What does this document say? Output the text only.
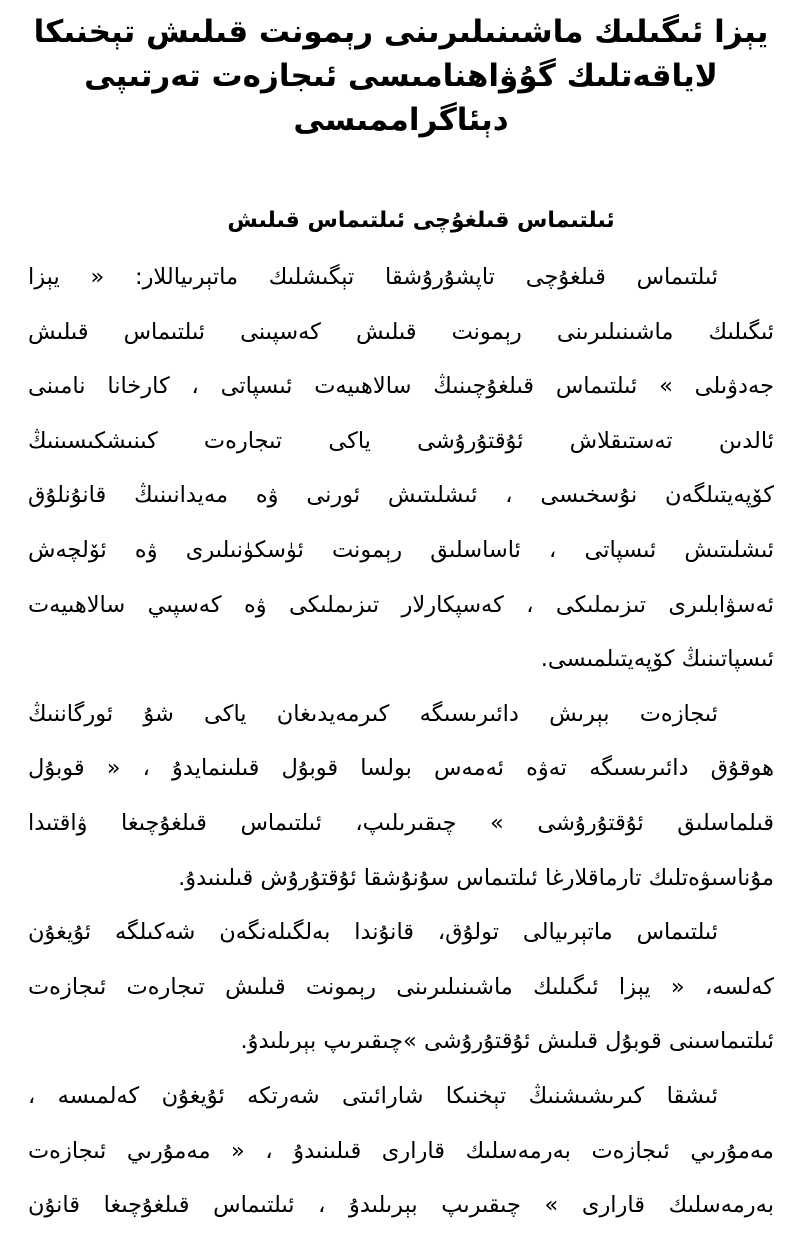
يېزا ئىگىلىك ماشىنىلىرىنى رېمونت قىلىش تېخنىكا
لاياقەتلىك گۇۋاھنامىسى ئىجازەت تەرتىپى دېئاگراممىسى
ئىلتىماس قىلغۇچى ئىلتىماس قىلىش

ئىلتىماس قىلغۇچى تاپشۇرۇشقا تېگىشلىك ماتېرىياللار: « يېزا
ئىگىلىك ماشىنىلىرىنى رېمونت قىلىش كەسپىنى ئىلتىماس قىلىش
جەدۋىلى » ئىلتىماس قىلغۇچىنىڭ سالاھىيەت ئىسپاتى ، كارخانا نامىنى
ئالدىن تەستىقلاش ئۇقتۇرۇشى ياكى تىجارەت كىنىشكىسىنىڭ
كۆپەيتىلگەن نۇسخىسى ، ئىشلىتىش ئورنى ۋە مەيدانىنىڭ قانۇنلۇق
ئىشلىتىش ئىسپاتى ، ئاساسلىق رېمونت ئۈسكۈنىلىرى ۋە ئۆلچەش
ئەسۋابلىرى تىزىملىكى ، كەسپكارلار تىزىملىكى ۋە كەسپىي سالاھىيەت
ئىسپاتىنىڭ كۆپەيتىلمىسى.

ئىجازەت بېرىش دائىرىسىگە كىرمەيدىغان ياكى شۇ ئورگاننىڭ
ھوقۇق دائىرىسىگە تەۋە ئەمەس بولسا قوبۇل قىلىنمايدۇ ، « قوبۇل
قىلماسلىق ئۇقتۇرۇشى » چىقىرىلىپ، ئىلتىماس قىلغۇچىغا ۋاقتىدا
مۇناسىۋەتلىك تارماقلارغا ئىلتىماس سۇنۇشقا ئۇقتۇرۇش قىلىنىدۇ.

ئىلتىماس ماتېرىيالى تولۇق، قانۇندا بەلگىلەنگەن شەكىلگە ئۇيغۇن
كەلسە، « يېزا ئىگىلىك ماشىنىلىرىنى رېمونت قىلىش تىجارەت ئىجازەت
ئىلتىماسىنى قوبۇل قىلىش ئۇقتۇرۇشى »چىقىرىپ بېرىلىدۇ.

ئىشقا كىرىشىشنىڭ تېخنىكا شارائىتى شەرتكە ئۇيغۇن كەلمىسە ،
مەمۇرىي ئىجازەت بەرمەسلىك قارارى قىلىنىدۇ ، « مەمۇرىي ئىجازەت
بەرمەسلىك قارارى » چىقىرىپ بېرىلىدۇ ، ئىلتىماس قىلغۇچىغا قانۇن
